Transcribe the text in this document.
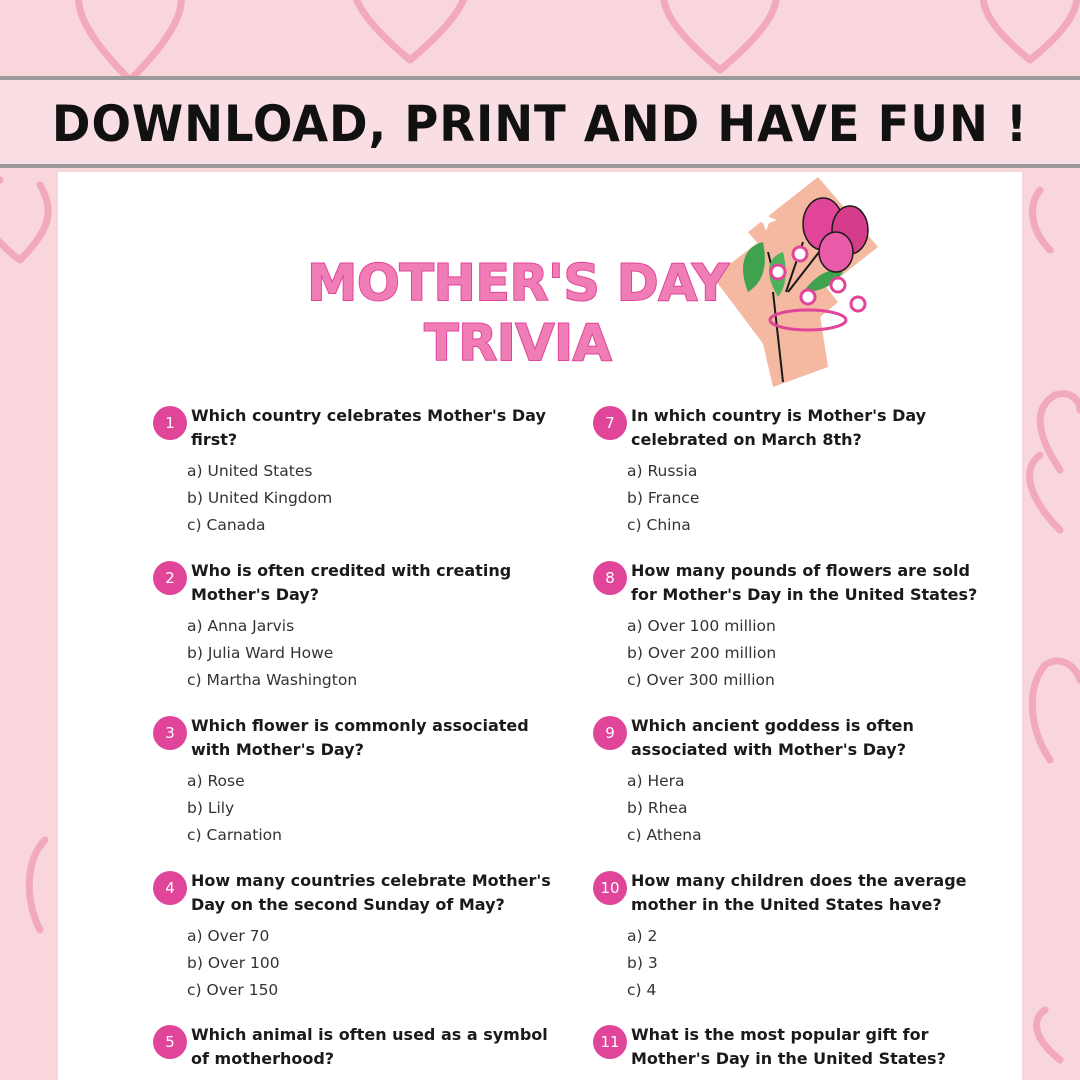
DOWNLOAD, PRINT AND HAVE FUN !
MOTHER'S DAY
TRIVIA
1	Which country celebrates Mother's Day
first?
a) United States
b) United Kingdom
c) Canada
2	Who is often credited with creating
Mother's Day?
a) Anna Jarvis
b) Julia Ward Howe
c) Martha Washington
3	Which flower is commonly associated
with Mother's Day?
a) Rose
b) Lily
c) Carnation
4	How many countries celebrate Mother's
Day on the second Sunday of May?
a) Over 70
b) Over 100
c) Over 150
5	Which animal is often used as a symbol
of motherhood?
7	In which country is Mother's Day
celebrated on March 8th?
a) Russia
b) France
c) China
8	How many pounds of flowers are sold
for Mother's Day in the United States?
a) Over 100 million
b) Over 200 million
c) Over 300 million
9	Which ancient goddess is often
associated with Mother's Day?
a) Hera
b) Rhea
c) Athena
10 How many children does the average
mother in the United States have?
a) 2
b) 3
c) 4
11 What is the most popular gift for
Mother's Day in the United States?
